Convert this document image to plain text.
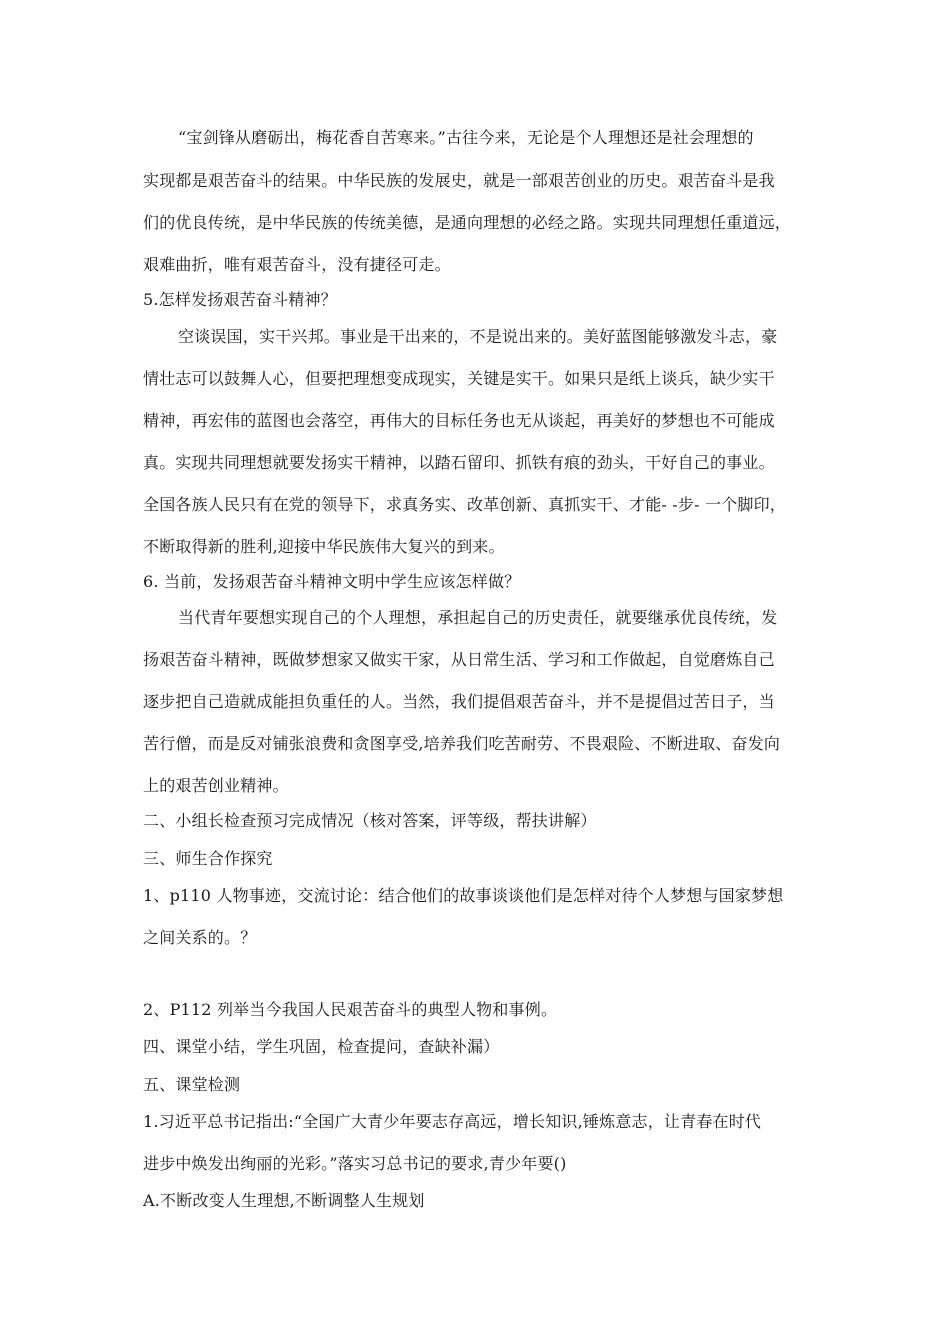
“宝剑锋从磨砺出，梅花香自苦寒来。”古往今来，无论是个人理想还是社会理想的

实现都是艰苦奋斗的结果。中华民族的发展史，就是一部艰苦创业的历史。艰苦奋斗是我

们的优良传统，是中华民族的传统美德，是通向理想的必经之路。实现共同理想任重道远，

艰难曲折，唯有艰苦奋斗，没有捷径可走。

5.怎样发扬艰苦奋斗精神？

空谈误国，实干兴邦。事业是干出来的，不是说出来的。美好蓝图能够激发斗志，豪

情壮志可以鼓舞人心，但要把理想变成现实，关键是实干。如果只是纸上谈兵，缺少实干

精神，再宏伟的蓝图也会落空，再伟大的目标任务也无从谈起，再美好的梦想也不可能成

真。实现共同理想就要发扬实干精神，以踏石留印、抓铁有痕的劲头，干好自己的事业。

全国各族人民只有在党的领导下，求真务实、改革创新、真抓实干、才能- -步- 一个脚印，

不断取得新的胜利,迎接中华民族伟大复兴的到来。

6. 当前，发扬艰苦奋斗精神文明中学生应该怎样做？

当代青年要想实现自己的个人理想，承担起自己的历史责任，就要继承优良传统，发

扬艰苦奋斗精神，既做梦想家又做实干家，从日常生活、学习和工作做起，自觉磨炼自己

逐步把自己造就成能担负重任的人。当然，我们提倡艰苦奋斗，并不是提倡过苦日子，当

苦行僧，而是反对铺张浪费和贪图享受,培养我们吃苦耐劳、不畏艰险、不断进取、奋发向

上的艰苦创业精神。

二、小组长检查预习完成情况（核对答案，评等级，帮扶讲解）

三、师生合作探究

1、p110 人物事迹，交流讨论：结合他们的故事谈谈他们是怎样对待个人梦想与国家梦想

之间关系的。？

2、P112 列举当今我国人民艰苦奋斗的典型人物和事例。

四、课堂小结，学生巩固，检查提问，查缺补漏）

五、课堂检测

1.习近平总书记指出:“全国广大青少年要志存高远，增长知识,锤炼意志，让青春在时代

进步中焕发出绚丽的光彩。”落实习总书记的要求,青少年要()

A.不断改变人生理想,不断调整人生规划
